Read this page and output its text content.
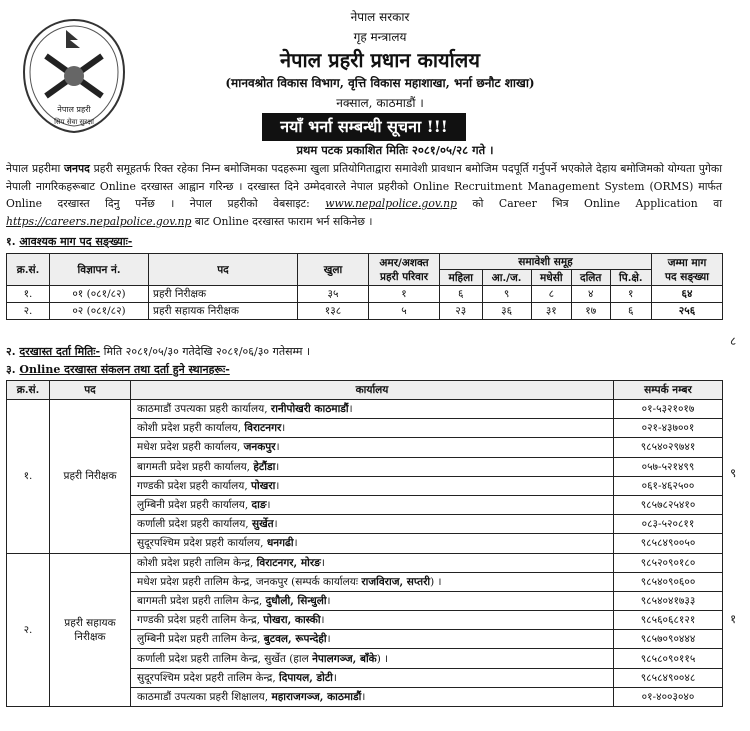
नेपाल प्रहरी
सिप सेवा सुरक्षा
नेपाल सरकार
गृह मन्त्रालय
नेपाल प्रहरी प्रधान कार्यालय
(मानवश्रोत विकास विभाग, वृत्ति विकास महाशाखा, भर्ना छनौट शाखा)
नक्साल, काठमाडौं ।
नयाँ भर्ना सम्बन्धी सूचना !!!
प्रथम पटक प्रकाशित मितिः २०८१/०५/२८ गते ।

नेपाल प्रहरीमा जनपद प्रहरी समूहतर्फ रिक्त रहेका निम्न बमोजिमका पदहरूमा खुला प्रतियोगिताद्वारा समावेशी प्रावधान बमोजिम पदपूर्ति गर्नुपर्ने भएकोले देहाय बमोजिमको योग्यता पुगेका नेपाली नागरिकहरूबाट Online दरखास्त आह्वान गरिन्छ । दरखास्त दिने उम्मेदवारले नेपाल प्रहरीको Online Recruitment Management System (ORMS) मार्फत Online दरखास्त दिनु पर्नेछ । नेपाल प्रहरीको वेबसाइट: www.nepalpolice.gov.np को Career भित्र Online Application वा https://careers.nepalpolice.gov.np बाट Online दरखास्त फाराम भर्न सकिनेछ ।

१. आवश्यक माग पद सङ्ख्याः-
क्र.सं.	विज्ञापन नं.	पद	खुला	अमर/अशक्त
प्रहरी परिवार	समावेशी समूह					जम्मा माग
पद सङ्ख्या
					महिला	आ./ज.	मधेसी	दलित	पि.क्षे.	
१.	०१ (०८१/८२)	प्रहरी निरीक्षक	३५	१	६	९	८	४	१	६४
२.	०२ (०८१/८२)	प्रहरी सहायक निरीक्षक	१३८	५	२३	३६	३१	१७	६	२५६
२. दरखास्त दर्ता मितिः- मिति २०८१/०५/३० गतेदेखि २०८१/०६/३० गतेसम्म ।
३. Online दरखास्त संकलन तथा दर्ता हुने स्थानहरूः-
क्र.सं.	पद	कार्यालय	सम्पर्क नम्बर
१.	प्रहरी निरीक्षक	काठमाडौं उपत्यका प्रहरी कार्यालय, रानीपोखरी काठमाडौं।	०१-५३२१०१७
		कोशी प्रदेश प्रहरी कार्यालय, विराटनगर।	०२१-४३७००१
		मधेश प्रदेश प्रहरी कार्यालय, जनकपुर।	९८५४०२९७४१
		बागमती प्रदेश प्रहरी कार्यालय, हेटौंडा।	०५७-५२१४९९
		गण्डकी प्रदेश प्रहरी कार्यालय, पोखरा।	०६१-४६२५००
		लुम्बिनी प्रदेश प्रहरी कार्यालय, दाङ।	९८५७८२५४१०
		कर्णाली प्रदेश प्रहरी कार्यालय, सुर्खेत।	०८३-५२०८११
		सुदूरपश्चिम प्रदेश प्रहरी कार्यालय, धनगढी।	९८५८४९००५०
२.	प्रहरी सहायक निरीक्षक	कोशी प्रदेश प्रहरी तालिम केन्द्र, विराटनगर, मोरङ।	९८५२०९०१८०
		मधेश प्रदेश प्रहरी तालिम केन्द्र, जनकपुर (सम्पर्क कार्यालयः राजविराज, सप्तरी) ।	९८५४०९०६००
		बागमती प्रदेश प्रहरी तालिम केन्द्र, दुधौली, सिन्धुली।	९८५४०४१७३३
		गण्डकी प्रदेश प्रहरी तालिम केन्द्र, पोखरा, कास्की।	९८५६०६८१२१
		लुम्बिनी प्रदेश प्रहरी तालिम केन्द्र, बुटवल, रूपन्देही।	९८५७०९०४४४
		कर्णाली प्रदेश प्रहरी तालिम केन्द्र, सुर्खेत (हाल नेपालगञ्ज, बाँके) ।	९८५८०९०११५
		सुदूरपश्चिम प्रदेश प्रहरी तालिम केन्द्र, दिपायल, डोटी।	९८५८४९००४८
		काठमाडौं उपत्यका प्रहरी शिक्षालय, महाराजगञ्ज, काठमाडौं।	०१-४००३०४०
८
९
१
